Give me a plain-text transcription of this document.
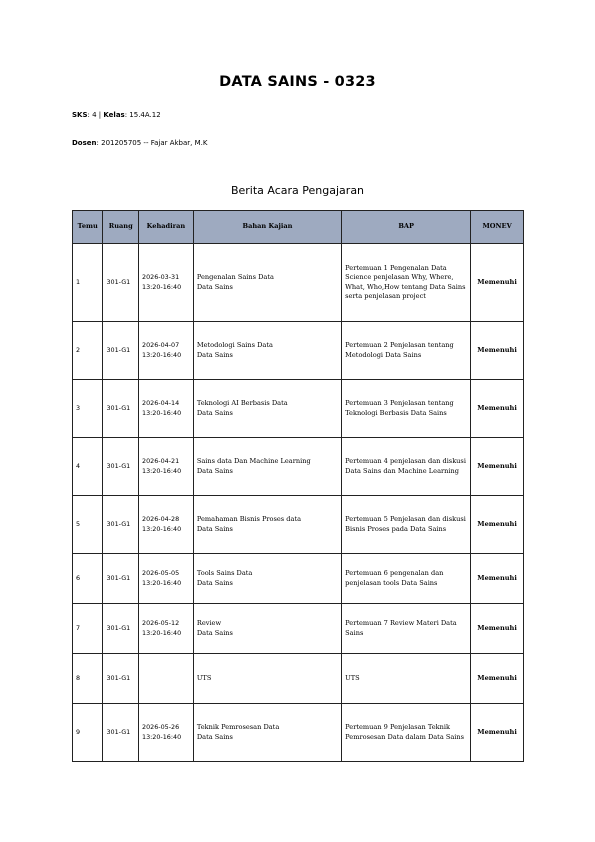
DATA SAINS - 0323
SKS: 4 | Kelas: 15.4A.12
Dosen: 201205705 -- Fajar Akbar, M.K
Berita Acara Pengajaran
Temu	Ruang	Kehadiran	Bahan Kajian	BAP	MONEV
1	301-G1	2026-03-31 13:20-16:40	Pengenalan Sains Data
Data Sains	Pertemuan 1 Pengenalan Data Science penjelasan Why, Where, What, Who,How tentang Data Sains serta penjelasan project	Memenuhi
2	301-G1	2026-04-07 13:20-16:40	Metodologi Sains Data
Data Sains	Pertemuan 2 Penjelasan tentang Metodologi Data Sains	Memenuhi
3	301-G1	2026-04-14 13:20-16:40	Teknologi AI Berbasis Data
Data Sains	Pertemuan 3 Penjelasan tentang Teknologi Berbasis Data Sains	Memenuhi
4	301-G1	2026-04-21 13:20-16:40	Sains data Dan Machine Learning
Data Sains	Pertemuan 4 penjelasan dan diskusi Data Sains dan Machine Learning	Memenuhi
5	301-G1	2026-04-28 13:20-16:40	Pemahaman Bisnis Proses data
Data Sains	Pertemuan 5 Penjelasan dan diskusi Bisnis Proses pada Data Sains	Memenuhi
6	301-G1	2026-05-05 13:20-16:40	Tools Sains Data
Data Sains	Pertemuan 6 pengenalan dan penjelasan tools Data Sains	Memenuhi
7	301-G1	2026-05-12 13:20-16:40	Review
Data Sains	Pertemuan 7 Review Materi Data Sains	Memenuhi
8	301-G1		UTS	UTS	Memenuhi
9	301-G1	2026-05-26 13:20-16:40	Teknik Pemrosesan Data
Data Sains	Pertemuan 9 Penjelasan Teknik Pemrosesan Data dalam Data Sains	Memenuhi
